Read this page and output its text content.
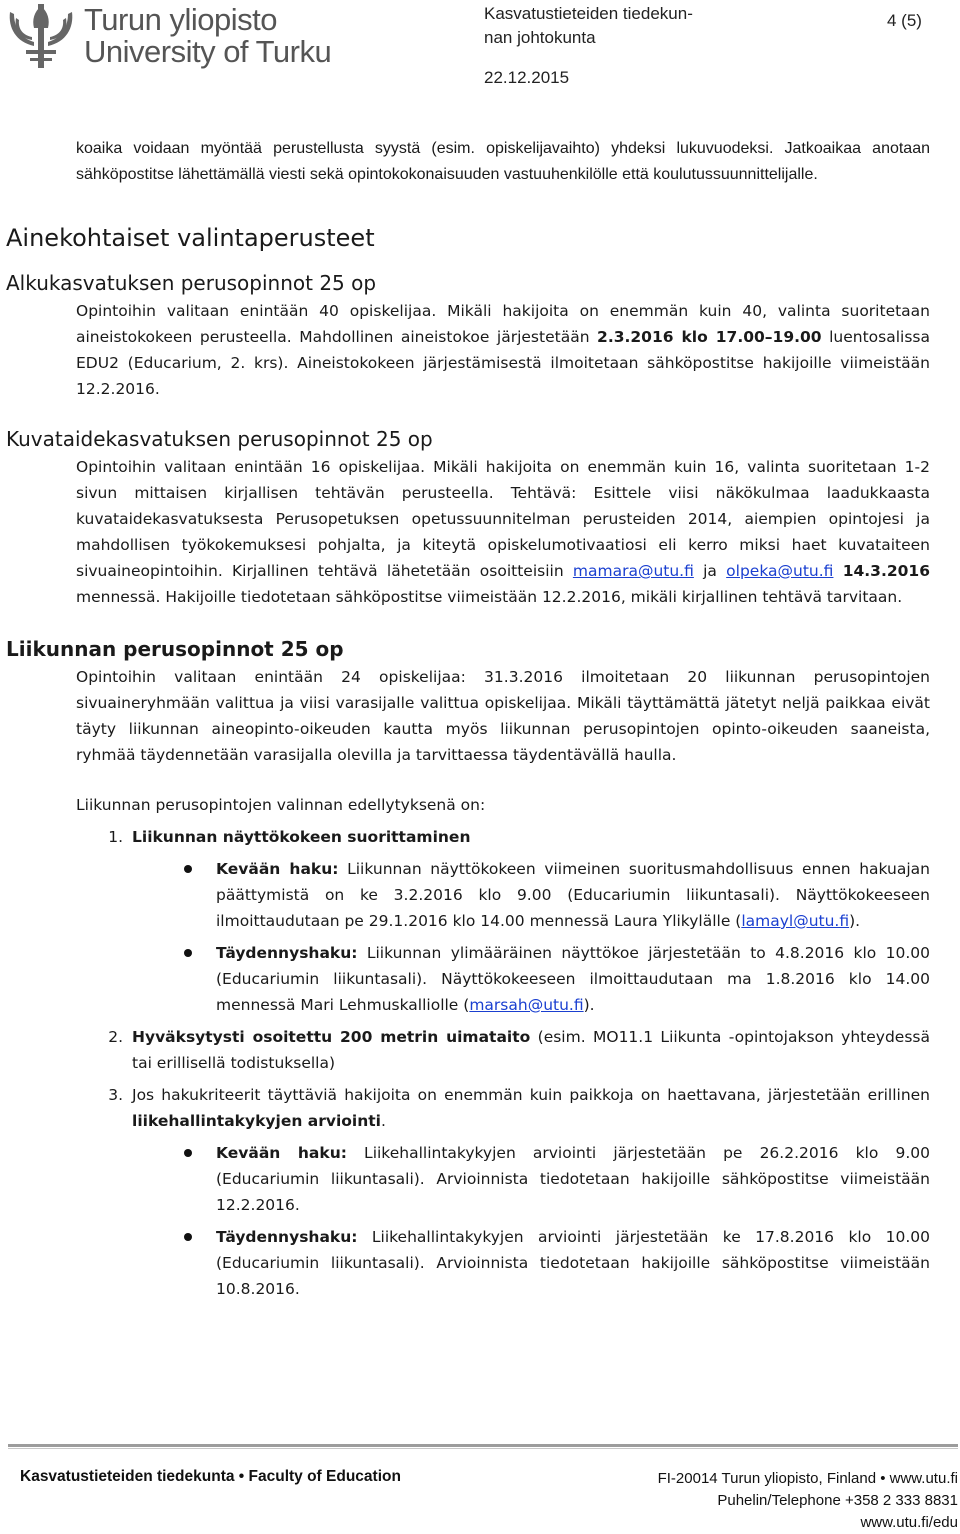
Turun yliopisto
University of Turku
Kasvatustieteiden tiedekun-
nan johtokunta
22.12.2015
4 (5)

koaika voidaan myöntää perustellusta syystä (esim. opiskelijavaihto) yhdeksi lukuvuodeksi. Jatkoaikaa anotaan sähköpostitse lähettämällä viesti sekä opintokokonaisuuden vastuuhenkilölle että koulutussuunnittelijalle.

Ainekohtaiset valintaperusteet
Alkukasvatuksen perusopinnot 25 op

Opintoihin valitaan enintään 40 opiskelijaa. Mikäli hakijoita on enemmän kuin 40, valinta suoritetaan aineistokokeen perusteella. Mahdollinen aineistokoe järjestetään 2.3.2016 klo 17.00–19.00 luentosalissa EDU2 (Educarium, 2. krs). Aineistokokeen järjestämisestä ilmoitetaan sähköpostitse hakijoille viimeistään 12.2.2016.

Kuvataidekasvatuksen perusopinnot 25 op

Opintoihin valitaan enintään 16 opiskelijaa. Mikäli hakijoita on enemmän kuin 16, valinta suoritetaan 1-2 sivun mittaisen kirjallisen tehtävän perusteella. Tehtävä: Esittele viisi näkökulmaa laadukkaasta kuvataidekasvatuksesta Perusopetuksen opetussuunnitelman perusteiden 2014, aiempien opintojesi ja mahdollisen työkokemuksesi pohjalta, ja kiteytä opiskelumotivaatiosi eli kerro miksi haet kuvataiteen sivuaineopintoihin. Kirjallinen tehtävä lähetetään osoitteisiin mamara@utu.fi ja olpeka@utu.fi 14.3.2016 mennessä. Hakijoille tiedotetaan sähköpostitse viimeistään 12.2.2016, mikäli kirjallinen tehtävä tarvitaan.

Liikunnan perusopinnot 25 op

Opintoihin valitaan enintään 24 opiskelijaa: 31.3.2016 ilmoitetaan 20 liikunnan perusopintojen sivuaineryhmään valittua ja viisi varasijalle valittua opiskelijaa. Mikäli täyttämättä jätetyt neljä paikkaa eivät täyty liikunnan aineopinto-oikeuden kautta myös liikunnan perusopintojen opinto-oikeuden saaneista, ryhmää täydennetään varasijalla olevilla ja tarvittaessa täydentävällä haulla.

Liikunnan perusopintojen valinnan edellytyksenä on:

1. Liikunnan näyttökokeen suorittaminen
Kevään haku: Liikunnan näyttökokeen viimeinen suoritusmahdollisuus ennen hakuajan päättymistä on ke 3.2.2016 klo 9.00 (Educariumin liikuntasali). Näyttökokeeseen ilmoittaudutaan pe 29.1.2016 klo 14.00 mennessä Laura Ylikylälle (lamayl@utu.fi).
Täydennyshaku: Liikunnan ylimääräinen näyttökoe järjestetään to 4.8.2016 klo 10.00 (Educariumin liikuntasali). Näyttökokeeseen ilmoittaudutaan ma 1.8.2016 klo 14.00 mennessä Mari Lehmuskalliolle (marsah@utu.fi).
2. Hyväksytysti osoitettu 200 metrin uimataito (esim. MO11.1 Liikunta -opintojakson yhteydessä tai erillisellä todistuksella)
3. Jos hakukriteerit täyttäviä hakijoita on enemmän kuin paikkoja on haettavana, järjestetään erillinen liikehallintakykyjen arviointi.
Kevään haku: Liikehallintakykyjen arviointi järjestetään pe 26.2.2016 klo 9.00 (Educariumin liikuntasali). Arvioinnista tiedotetaan hakijoille sähköpostitse viimeistään 12.2.2016.
Täydennyshaku: Liikehallintakykyjen arviointi järjestetään ke 17.8.2016 klo 10.00 (Educariumin liikuntasali). Arvioinnista tiedotetaan hakijoille sähköpostitse viimeistään 10.8.2016.
Kasvatustieteiden tiedekunta • Faculty of Education	FI-20014 Turun yliopisto, Finland • www.utu.fi
Puhelin/Telephone +358 2 333 8831
www.utu.fi/edu
